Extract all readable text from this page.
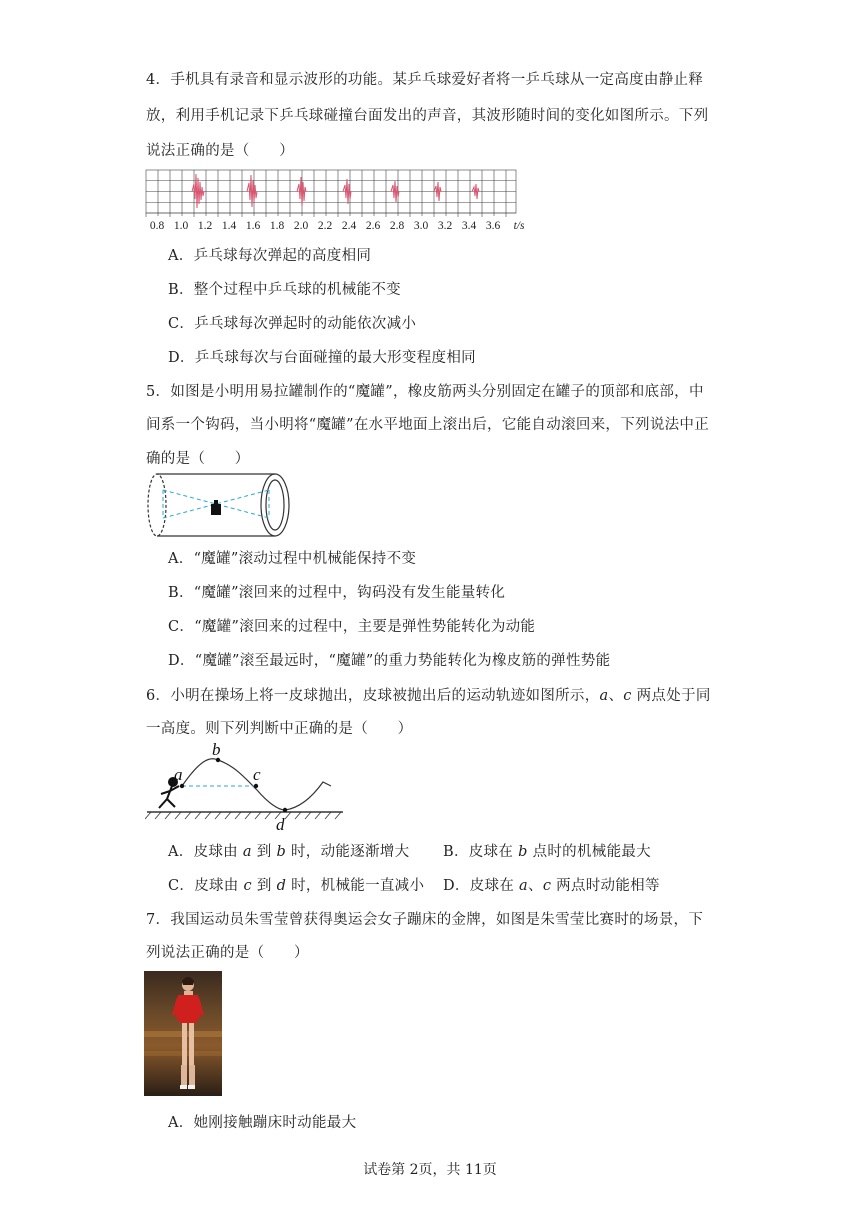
4．手机具有录音和显示波形的功能。某乒乓球爱好者将一乒乓球从一定高度由静止释
放，利用手机记录下乒乓球碰撞台面发出的声音，其波形随时间的变化如图所示。下列
说法正确的是（　　）
0.8 1.0 1.2 1.4 1.6 1.8 2.0 2.2 2.4 2.6 2.8 3.0 3.2 3.4 3.6 t/s
A．乒乓球每次弹起的高度相同
B．整个过程中乒乓球的机械能不变
C．乒乓球每次弹起时的动能依次减小
D．乒乓球每次与台面碰撞的最大形变程度相同
5．如图是小明用易拉罐制作的“魔罐”，橡皮筋两头分别固定在罐子的顶部和底部，中
间系一个钩码，当小明将“魔罐”在水平地面上滚出后，它能自动滚回来，下列说法中正
确的是（　　）
A．“魔罐”滚动过程中机械能保持不变
B．“魔罐”滚回来的过程中，钩码没有发生能量转化
C．“魔罐”滚回来的过程中，主要是弹性势能转化为动能
D．“魔罐”滚至最远时，“魔罐”的重力势能转化为橡皮筋的弹性势能
6．小明在操场上将一皮球抛出，皮球被抛出后的运动轨迹如图所示，a、c 两点处于同
一高度。则下列判断中正确的是（　　）
a
b
c
d
A．皮球由 a 到 b 时，动能逐渐增大 B．皮球在 b 点时的机械能最大
C．皮球由 c 到 d 时，机械能一直减小 D．皮球在 a、c 两点时动能相等
7．我国运动员朱雪莹曾获得奥运会女子蹦床的金牌，如图是朱雪莹比赛时的场景，下
列说法正确的是（　　）
A．她刚接触蹦床时动能最大
试卷第 2页，共 11页
